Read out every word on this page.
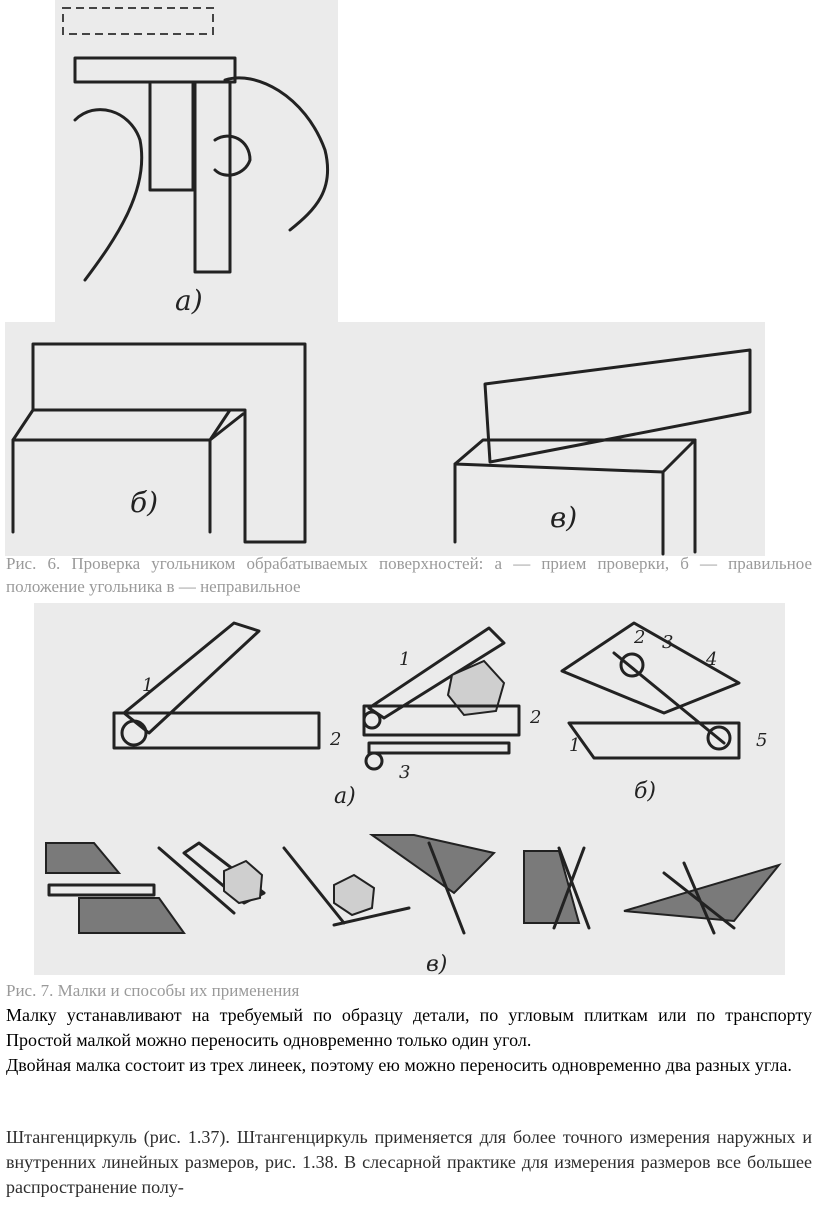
а)
б)	в)

Рис. 6. Проверка угольником обрабатываемых поверхностей: а — прием проверки, б — правильное положение угольника в — неправильное

1
2
1
2
3
а)
2 3
4
1	5
б)
в)

Рис. 7. Малки и способы их применения

Малку устанавливают на требуемый по образцу детали, по угловым плиткам или по транспорту Простой малкой можно переносить одновременно только один угол.

Двойная малка состоит из трех линеек, поэтому ею можно переносить одновременно два разных угла.

Штангенциркуль (рис. 1.37). Штангенциркуль применяется для более точного измерения наружных и внутренних линейных размеров, рис. 1.38. В слесарной практике для измерения размеров все большее распространение полу-
